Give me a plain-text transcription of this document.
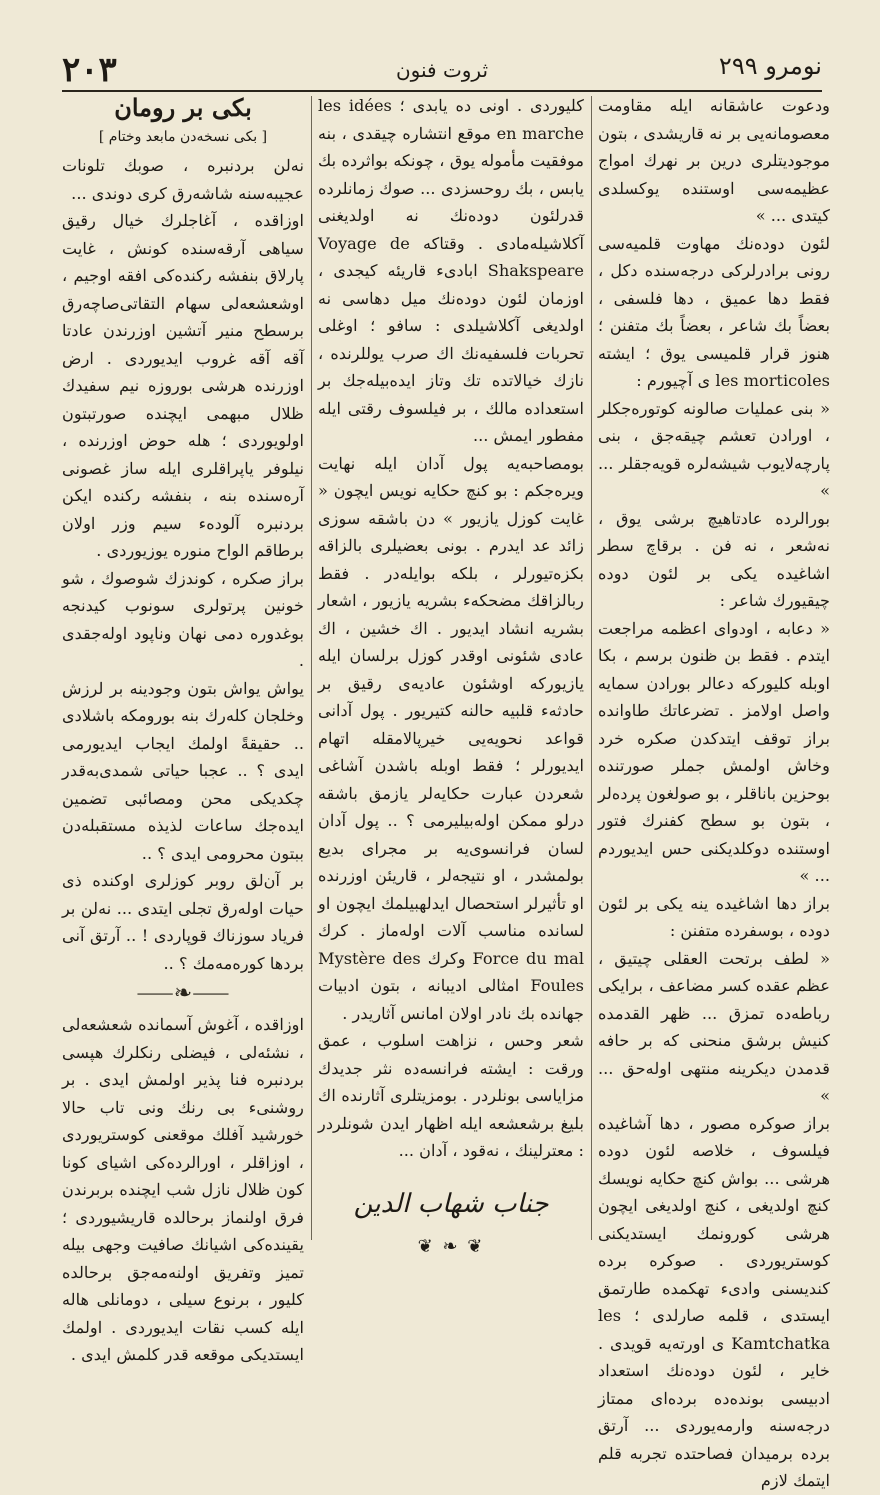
٢٠٣	ثروت فنون	نومرو ٢٩٩

ودعوت عاشقانه ايله مقاومت معصومانه‌یی بر نه قاریشدی ، بتون موجودیتلری درین بر نهرك امواج عظيمه‌سی اوستنده يوكسلدی كيتدی ... »

لئون دوده‌نك مهاوت قلميه‌سی رونی برادرلركی درجه‌سنده دكل ، فقط دها عميق ، دها فلسفی ، بعضاً بك شاعر ، بعضاً بك متفنن ؛ هنوز قرار قلميسی يوق ؛ ايشته les morticoles ی آچيورم :

« بنی عمليات صالونه كوتوره‌جكلر ، اورادن تعشم چيقه‌جق ، بنی پارچه‌لايوب شيشه‌لره قويه‌جقلر ... »

بورالرده عادتاهيچ برشی يوق ، نه‌شعر ، نه فن . برقاچ سطر اشاغيده يكی بر لئون دوده چيقيورك شاعر :

« دعابه ، اودوای اعظمه مراجعت ايتدم . فقط بن ظنون برسم ، بكا اوبله كليوركه دعالر بورادن سمايه واصل اولامز . تضرعاتك طاوانده براز توقف ايتدكدن صكره خرد وخاش اولمش جملر صورتنده بوحزين باناقلر ، بو صولغون پرده‌لر ، بتون بو سطح كفنرك فتور اوستنده دوكلديكنی حس ايديوردم ... »

براز دها اشاغيده ينه يكی بر لئون دوده ، بوسفرده متفنن :

« لطف برتحت العقلی چيتيق ، عظم عقده كسر مضاعف ، برايكی رباطه‌ده تمزق ... ظهر القدمده كنيش برشق منحنی كه بر حافه قدمدن ديكرينه منتهی اوله‌حق ... »

براز صوكره مصور ، دها آشاغيده فيلسوف ، خلاصه لئون دوده هرشی ... بواش كنچ حكايه نويسك كنچ اولديغی ، كنچ اولديغی ايچون هرشی كورونمك ايستديكنی كوستريوردی . صوكره برده كنديسنی وادیء تهكمده طارتمق ايستدی ، قلمه صارلدی ؛ les Kamtchatka ی اورته‌يه قويدی . خاير ، لئون دوده‌نك استعداد ادبيسی بونده‌ده برده‌ای ممتاز درجه‌سنه وارمه‌يوردی ... آرتق برده برميدان فصاحتده تجربه قلم ايتمك لازم

كليوردی . اونی ده يابدی ؛ les idées en marche موقع انتشاره چيقدی ، بنه موفقيت مأموله يوق ، چونكه بواثرده بك يابس ، بك روحسزدی ... صوك زمانلرده قدرلئون دوده‌نك نه اولديغنی آكلاشيله‌مادی . وقتاكه Voyage de Shakspeare ابادیء قاريئه كيجدی ، اوزمان لئون دوده‌نك ميل دهاسی نه اولديغی آكلاشيلدی : سافو ؛ اوغلی تحربات فلسفيه‌نك اك صرب يوللرنده ، نازك خيالاتده تك وتاز ايده‌بيله‌جك بر استعداده مالك ، بر فيلسوف رقتی ايله مفطور ايمش ...

بومصاحبه‌یه پول آدان ايله نهايت ويره‌جكم : بو كنچ حكايه نويس ايچون « غايت كوزل يازيور » دن باشقه سوزی زائد عد ايدرم . بونی بعضيلری بالزاقه بكزه‌تيورلر ، بلكه بوايله‌در . فقط ربالزاقك مضحكهء بشريه يازيور ، اشعار بشريه انشاد ايديور . اك خشين ، اك عادی شئونی اوقدر كوزل برلسان ايله يازيوركه اوشئون عاديه‌ی رقيق بر حادثهء قلبيه حالنه كتيريور . پول آدانی قواعد نحويه‌یی خيرپالامقله اتهام ايديورلر ؛ فقط اوبله باشدن آشاغی شعردن عبارت حكايه‌لر يازمق باشقه درلو ممكن اوله‌بيليرمی ؟ .. پول آدان لسان فرانسوی‌يه بر مجرای بديع بولمشدر ، او نتيجه‌لر ، قاريئن اوزرنده او تأثيرلر استحصال ايدلهبيلمك ايچون او لسانده مناسب آلات اوله‌ماز . كرك Force du mal وكرك Mystère des Foules امثالی اديبانه ، بتون ادبيات جهانده بك نادر اولان امانس آثاريدر .

شعر وحس ، نزاهت اسلوب ، عمق ورقت : ايشته فرانسه‌ده نثر جديدك مزاياسی بونلردر . بومزيتلری آثارنده اك بليغ برشعشعه ايله اظهار ايدن شونلردر : معترلينك ، نه‌قود ، آدان ...

جناب شهاب الدين
❦ ❧ ❦
بكی بر رومان
[ بكی نسخه‌دن مابعد وختام ]

نه‌لن بردنبره ، صوبك تلونات عجيبه‌سنه شاشه‌رق كری دوندی ...

اوزاقده ، آغاجلرك خيال رقيق سياهی آرقه‌سنده كونش ، غايت پارلاق بنفشه ركنده‌كی افقه اوجيم ، اوشعشعه‌لی سهام التقاتی‌صاچه‌رق برسطح منير آتشين اوزرندن عادتا آقه آقه غروب ايديوردی . ارض اوزرنده هرشی بوروزه نيم سفيدك ظلال مبهمی ايچنده صورتبتون اولويوردی ؛ هله حوض اوزرنده ، نيلوفر ياپراقلری ايله ساز غصونی آره‌سنده بنه ، بنفشه ركنده ايكن بردنبره آلودهء سيم وزر اولان برطاقم الواح منوره يوزيوردی .

براز صكره ، كوندزك شوصوك ، شو خونين پرتولری سونوب كيدنجه بوغدوره دمی نهان وناپود اوله‌جقدی .

يواش يواش بتون وجودينه بر لرزش وخلجان كله‌رك بنه بورومكه باشلادی .. حقيقةً اولمك ايجاب ايديورمی ايدی ؟ .. عجبا حياتی شمدی‌به‌قدر چكديكی محن ومصائبی تضمين ايده‌جك ساعات لذيذه مستقبله‌دن ببتون محرومی ايدی ؟ ..

بر آن‌لق روبر كوزلری اوكنده ذی حيات اوله‌رق تجلی ايتدی ... نه‌لن بر فرياد سوزناك قوپاردی ! .. آرتق آنی بردها كوره‌مه‌مك ؟ ..

⸺❧⸺

اوزاقده ، آغوش آسمانده شعشعه‌لی ، نشئه‌لی ، فيضلی رنكلرك هپسی بردنبره فنا پذير اولمش ايدی . بر روشنیء بی رنك ونی تاب حالا خورشيد آفلك موقعنی كوستريوردی ، اوزاقلر ، اورالرده‌كی اشيای كونا كون ظلال نازل شب ايچنده بربرندن فرق اولنماز برحالده قاريشيوردی ؛ يقينده‌كی اشيانك صافيت وجهی بيله تميز وتفريق اولنه‌مه‌جق برحالده كليور ، برنوع سيلی ، دومانلی هاله ايله كسب نقات ايديوردی . اولمك ايستديكی موقعه قدر كلمش ايدی .
